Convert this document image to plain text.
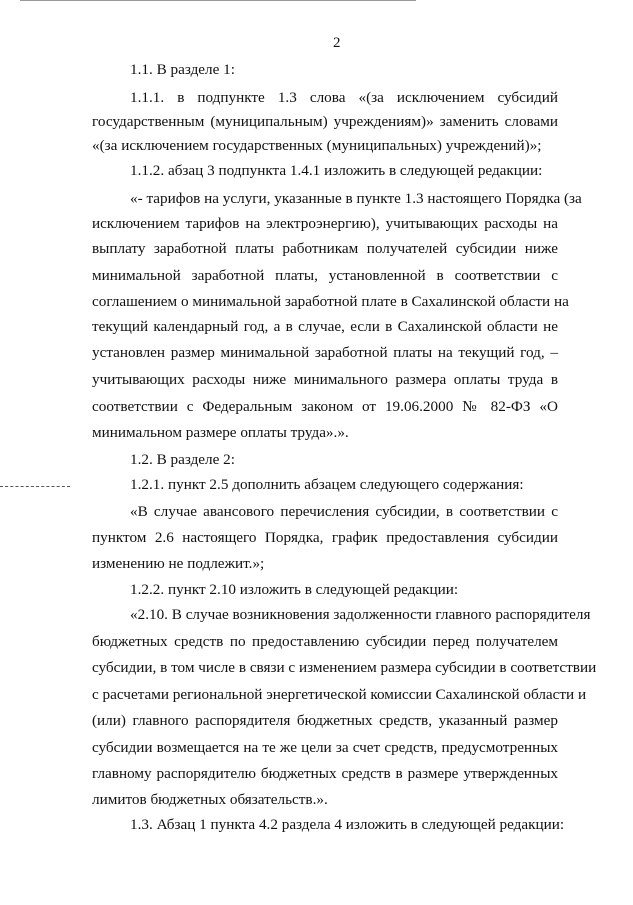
2
1.1. В разделе 1:
1.1.1. в подпункте 1.3 слова «(за исключением субсидий
государственным (муниципальным) учреждениям)» заменить словами
«(за исключением государственных (муниципальных) учреждений)»;
1.1.2. абзац 3 подпункта 1.4.1 изложить в следующей редакции:
«- тарифов на услуги, указанные в пункте 1.3 настоящего Порядка (за
исключением тарифов на электроэнергию), учитывающих расходы на
выплату заработной платы работникам получателей субсидии ниже
минимальной заработной платы, установленной в соответствии с
соглашением о минимальной заработной плате в Сахалинской области на
текущий календарный год, а в случае, если в Сахалинской области не
установлен размер минимальной заработной платы на текущий год, –
учитывающих расходы ниже минимального размера оплаты труда в
соответствии с Федеральным законом от 19.06.2000 № 82-ФЗ «О
минимальном размере оплаты труда».».
1.2. В разделе 2:
1.2.1. пункт 2.5 дополнить абзацем следующего содержания:
«В случае авансового перечисления субсидии, в соответствии с
пунктом 2.6 настоящего Порядка, график предоставления субсидии
изменению не подлежит.»;
1.2.2. пункт 2.10 изложить в следующей редакции:
«2.10. В случае возникновения задолженности главного распорядителя
бюджетных средств по предоставлению субсидии перед получателем
субсидии, в том числе в связи с изменением размера субсидии в соответствии
с расчетами региональной энергетической комиссии Сахалинской области и
(или) главного распорядителя бюджетных средств, указанный размер
субсидии возмещается на те же цели за счет средств, предусмотренных
главному распорядителю бюджетных средств в размере утвержденных
лимитов бюджетных обязательств.».
1.3. Абзац 1 пункта 4.2 раздела 4 изложить в следующей редакции:
